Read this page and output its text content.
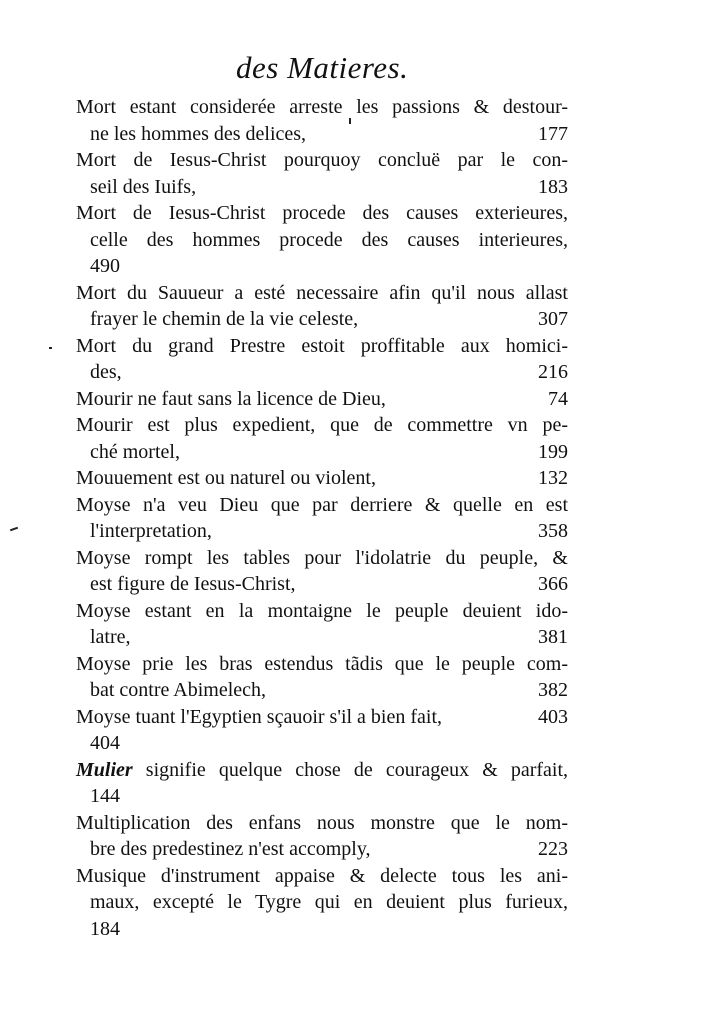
des Matieres.
Mort estant considerée arreste les passions & destour-
ne les hommes des delices,	177
Mort de Iesus-Christ pourquoy concluë par le con-
seil des Iuifs,	183
Mort de Iesus-Christ procede des causes exterieures,
celle des hommes procede des causes interieures,
490
Mort du Sauueur a esté necessaire afin qu'il nous allast
frayer le chemin de la vie celeste,	307
Mort du grand Prestre estoit proffitable aux homici-
des,	216
Mourir ne faut sans la licence de Dieu,	74
Mourir est plus expedient, que de commettre vn pe-
ché mortel,	199
Mouuement est ou naturel ou violent,	132
Moyse n'a veu Dieu que par derriere & quelle en est
l'interpretation,	358
Moyse rompt les tables pour l'idolatrie du peuple, &
est figure de Iesus-Christ,	366
Moyse estant en la montaigne le peuple deuient ido-
latre,	381
Moyse prie les bras estendus tãdis que le peuple com-
bat contre Abimelech,	382
Moyse tuant l'Egyptien sçauoir s'il a bien fait,	403
404
Mulier signifie quelque chose de courageux & parfait,
144
Multiplication des enfans nous monstre que le nom-
bre des predestinez n'est accomply,	223
Musique d'instrument appaise & delecte tous les ani-
maux, excepté le Tygre qui en deuient plus furieux,
184
